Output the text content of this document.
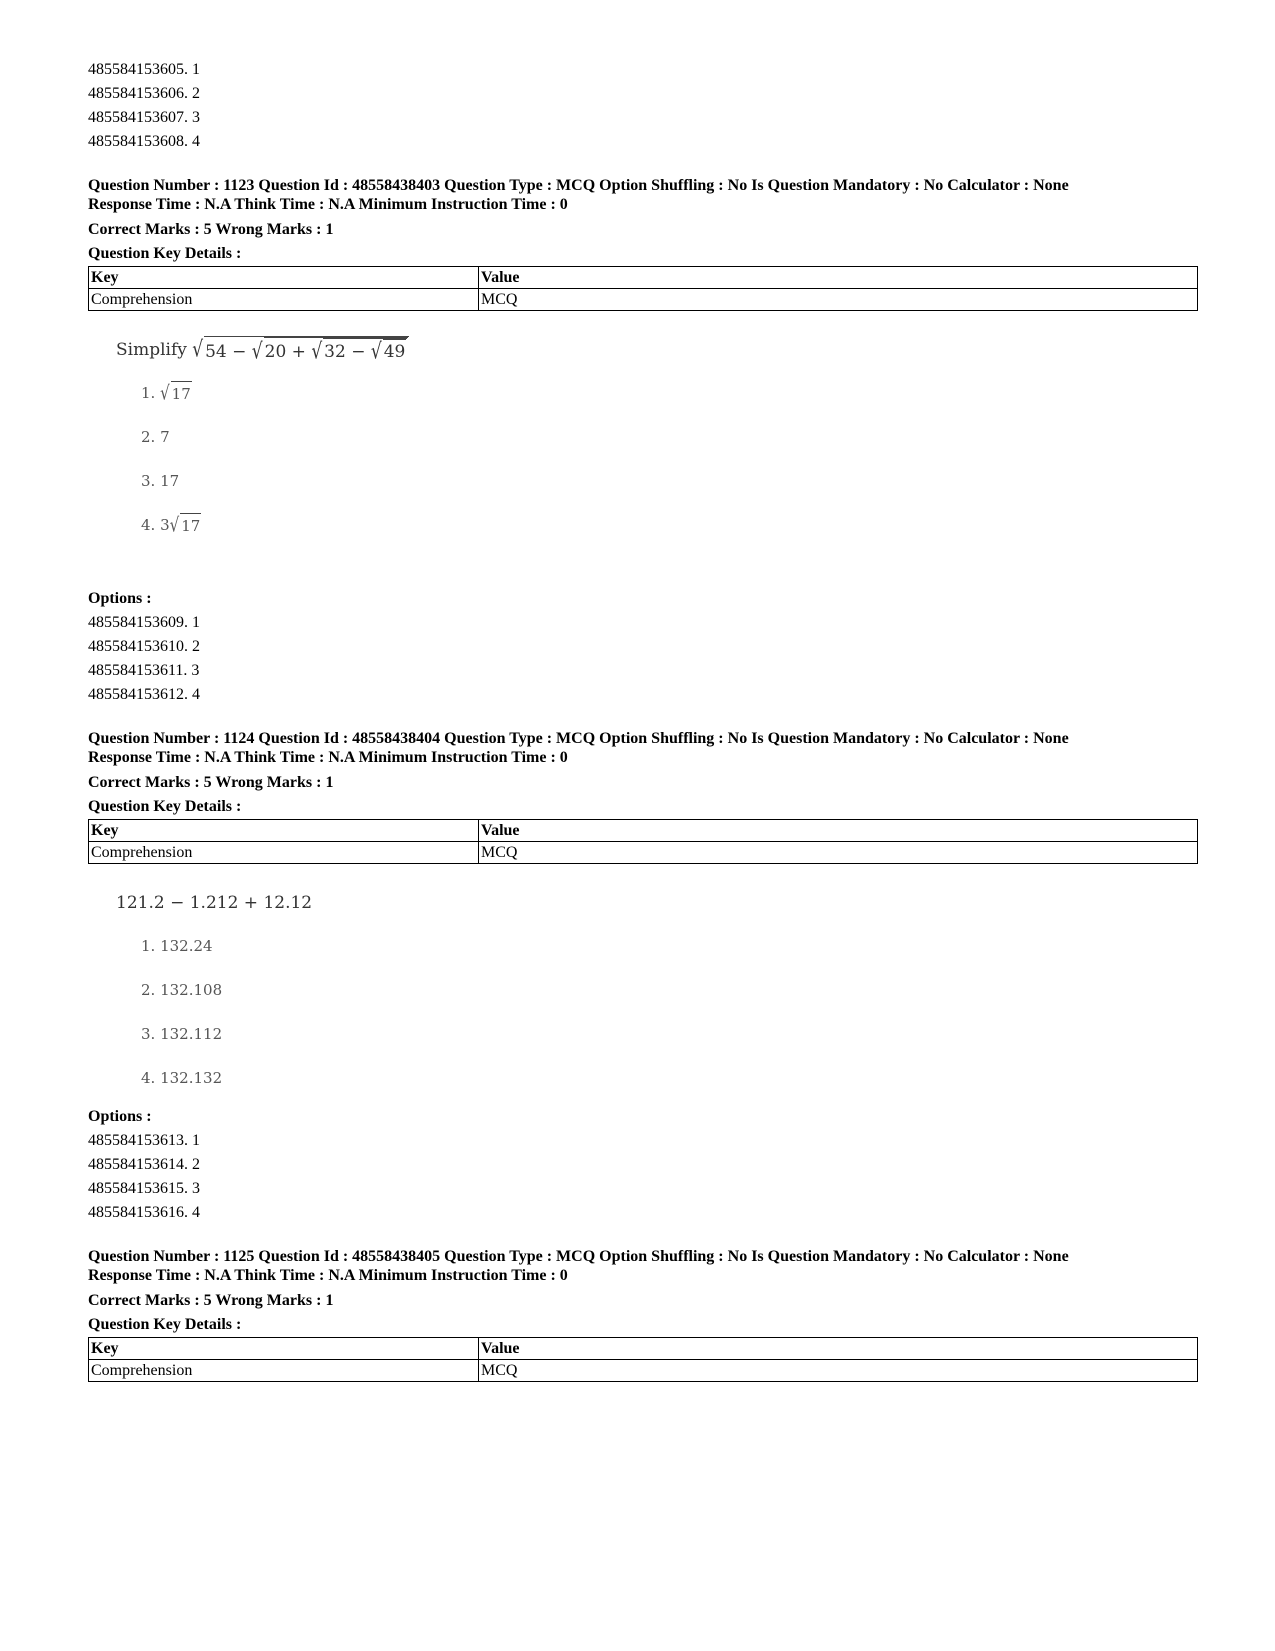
485584153605. 1
485584153606. 2
485584153607. 3
485584153608. 4
Question Number : 1123 Question Id : 48558438403 Question Type : MCQ Option Shuffling : No Is Question Mandatory : No Calculator : None
Response Time : N.A Think Time : N.A Minimum Instruction Time : 0
Correct Marks : 5 Wrong Marks : 1
Question Key Details :
Key	Value
Comprehension	MCQ
Simplify
√ 54 − √ 20 + √ 32 − √ 49
1.
√ 17
2. 7
3. 17
4.
3 √ 17
Options :
485584153609. 1
485584153610. 2
485584153611. 3
485584153612. 4
Question Number : 1124 Question Id : 48558438404 Question Type : MCQ Option Shuffling : No Is Question Mandatory : No Calculator : None
Response Time : N.A Think Time : N.A Minimum Instruction Time : 0
Correct Marks : 5 Wrong Marks : 1
Question Key Details :
Key	Value
Comprehension	MCQ
121.2 − 1.212 + 12.12
1. 132.24
2. 132.108
3. 132.112
4. 132.132
Options :
485584153613. 1
485584153614. 2
485584153615. 3
485584153616. 4
Question Number : 1125 Question Id : 48558438405 Question Type : MCQ Option Shuffling : No Is Question Mandatory : No Calculator : None
Response Time : N.A Think Time : N.A Minimum Instruction Time : 0
Correct Marks : 5 Wrong Marks : 1
Question Key Details :
Key	Value
Comprehension	MCQ
